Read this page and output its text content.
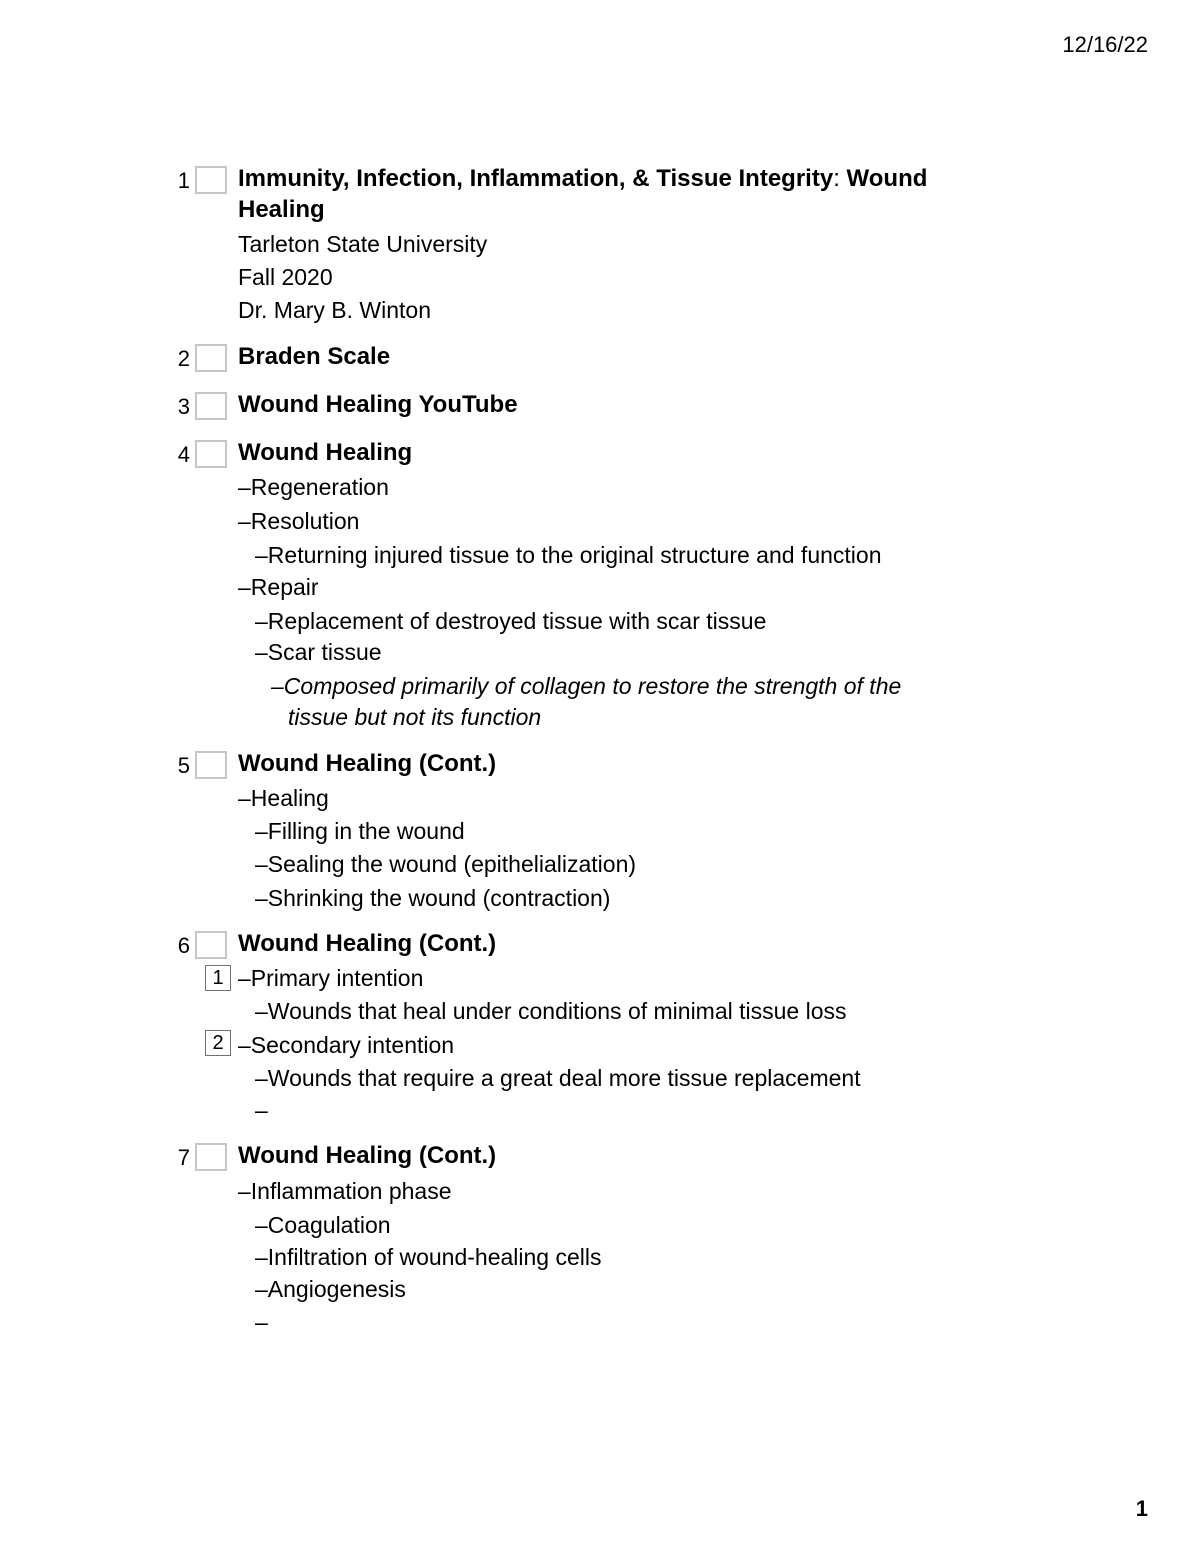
12/16/22
1 Immunity, Infection, Inflammation, & Tissue Integrity: Wound Healing
Tarleton State University
Fall 2020
Dr. Mary B. Winton
2 Braden Scale
3 Wound Healing YouTube
4 Wound Healing
–Regeneration
–Resolution
–Returning injured tissue to the original structure and function
–Repair
–Replacement of destroyed tissue with scar tissue
–Scar tissue
–Composed primarily of collagen to restore the strength of the
tissue but not its function
5 Wound Healing (Cont.)
–Healing
–Filling in the wound
–Sealing the wound (epithelialization)
–Shrinking the wound (contraction)
6 Wound Healing (Cont.)
1 –Primary intention
–Wounds that heal under conditions of minimal tissue loss
2 –Secondary intention
–Wounds that require a great deal more tissue replacement
–
7 Wound Healing (Cont.)
–Inflammation phase
–Coagulation
–Infiltration of wound-healing cells
–Angiogenesis
–
1
